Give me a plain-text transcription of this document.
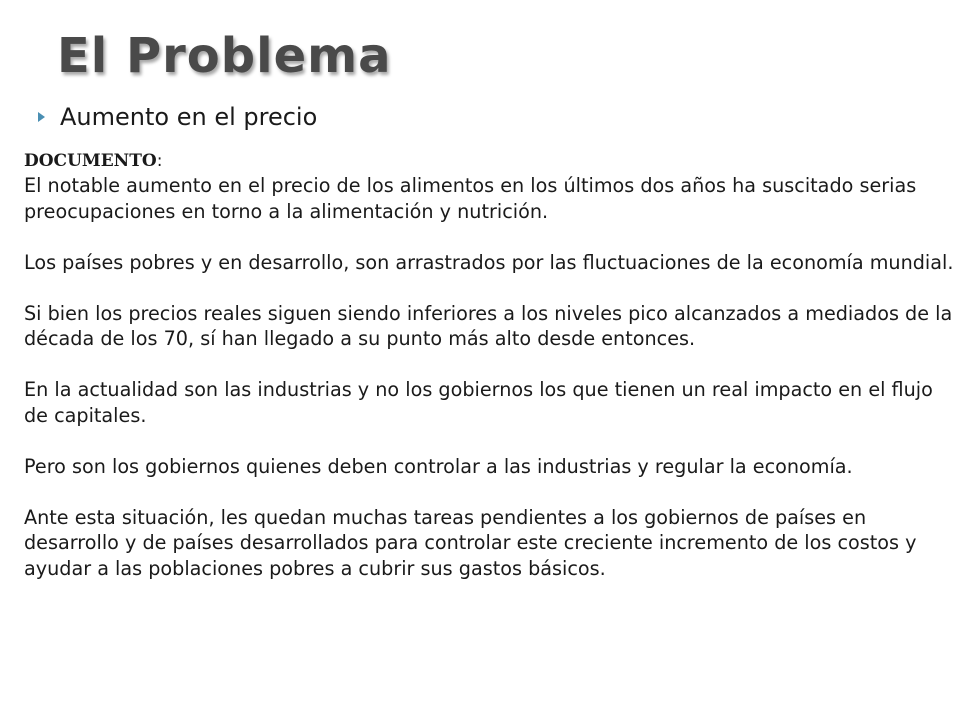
El Problema
Aumento en el precio
DOCUMENTO:

El notable aumento en el precio de los alimentos en los últimos dos años ha suscitado serias preocupaciones en torno a la alimentación y nutrición.

Los países pobres y en desarrollo, son arrastrados por las fluctuaciones de la economía mundial.

Si bien los precios reales siguen siendo inferiores a los niveles pico alcanzados a mediados de la década de los 70, sí han llegado a su punto más alto desde entonces.

En la actualidad son las industrias y no los gobiernos los que tienen un real impacto en el flujo de capitales.

Pero son los gobiernos quienes deben controlar a las industrias y regular la economía.

Ante esta situación, les quedan muchas tareas pendientes a los gobiernos de países en desarrollo y de países desarrollados para controlar este creciente incremento de los costos y ayudar a las poblaciones pobres a cubrir sus gastos básicos.
